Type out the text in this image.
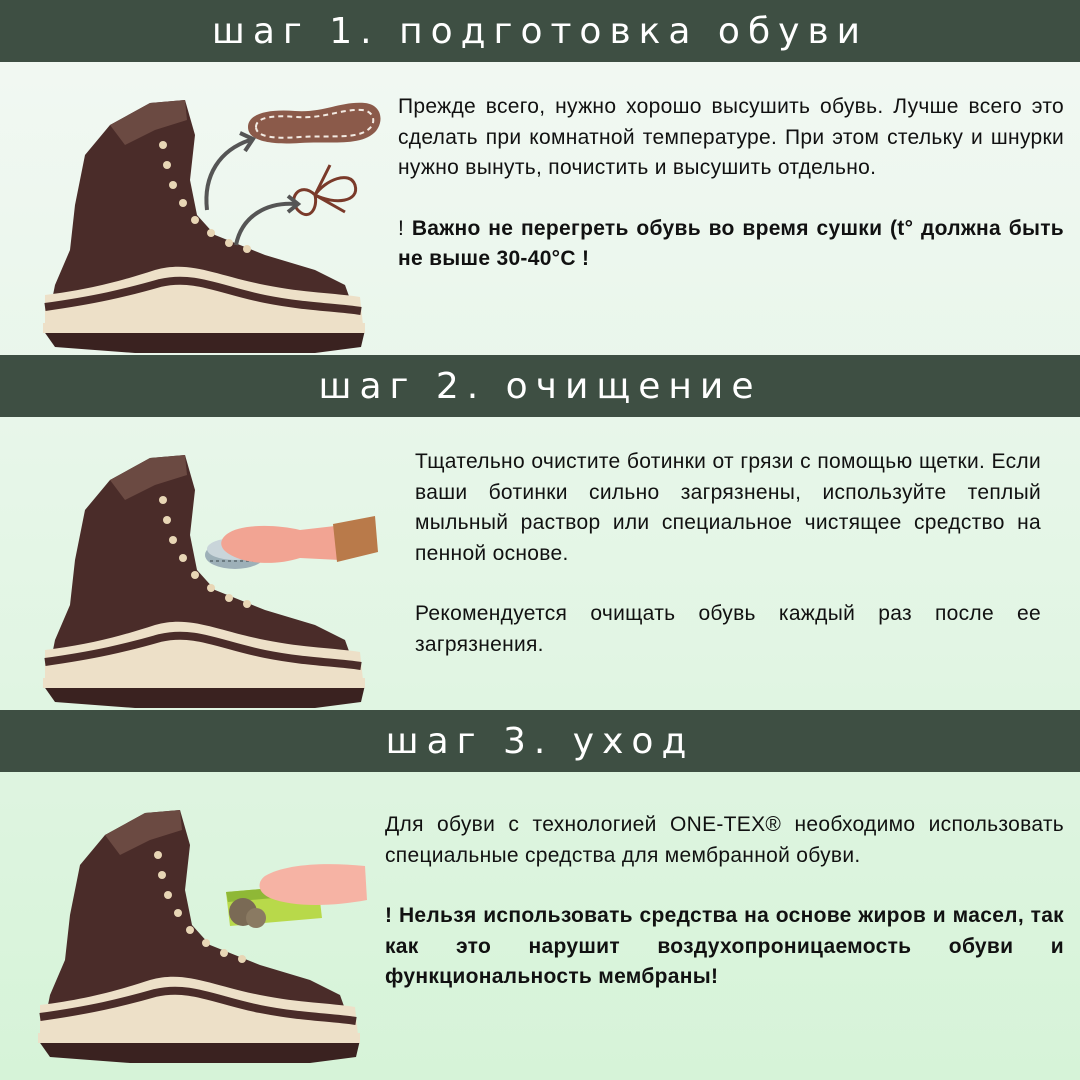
шаг 1. подготовка обуви

Прежде всего, нужно хорошо высушить обувь. Лучше всего это сделать при комнатной температуре. При этом стельку и шнурки нужно вынуть, почистить и высушить отдельно.

! Важно не перегреть обувь во время сушки (t° должна быть не выше 30-40°C !

шаг 2. очищение

Тщательно очистите ботинки от грязи с помощью щетки. Если ваши ботинки сильно загрязнены, используйте теплый мыльный раствор или специальное чистящее средство на пенной основе.

Рекомендуется очищать обувь каждый раз после ее загрязнения.

шаг 3. уход

Для обуви с технологией ONE-TEX® необходимо использовать специальные средства для мембранной обуви.

! Нельзя использовать средства на основе жиров и масел, так как это нарушит воздухопроницаемость обуви и функциональность мембраны!
